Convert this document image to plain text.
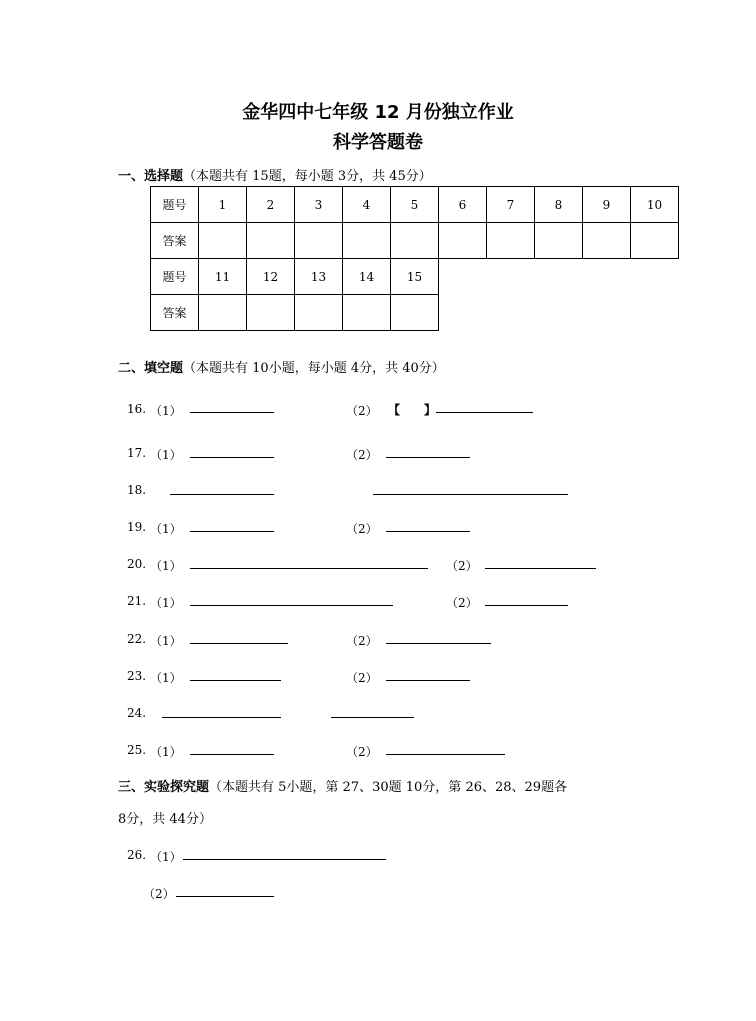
金华四中七年级 12 月份独立作业
科学答题卷
一、选择题（本题共有 15题，每小题 3分，共 45分）
题号	1	2	3	4	5	6	7	8	9	10
答案										
题号	11	12	13	14	15
答案					
二、填空题（本题共有 10小题，每小题 4分，共 40分）
16. （1）	（2） 【　　】
17. （1）	（2）
18.
19. （1）	（2）
20. （1）	（2）
21. （1）	（2）
22. （1）	（2）
23. （1）	（2）
24.
25. （1）	（2）
三、实验探究题（本题共有 5小题，第 27、30题 10分，第 26、28、29题各
8分，共 44分）
26. （1）
（2）
